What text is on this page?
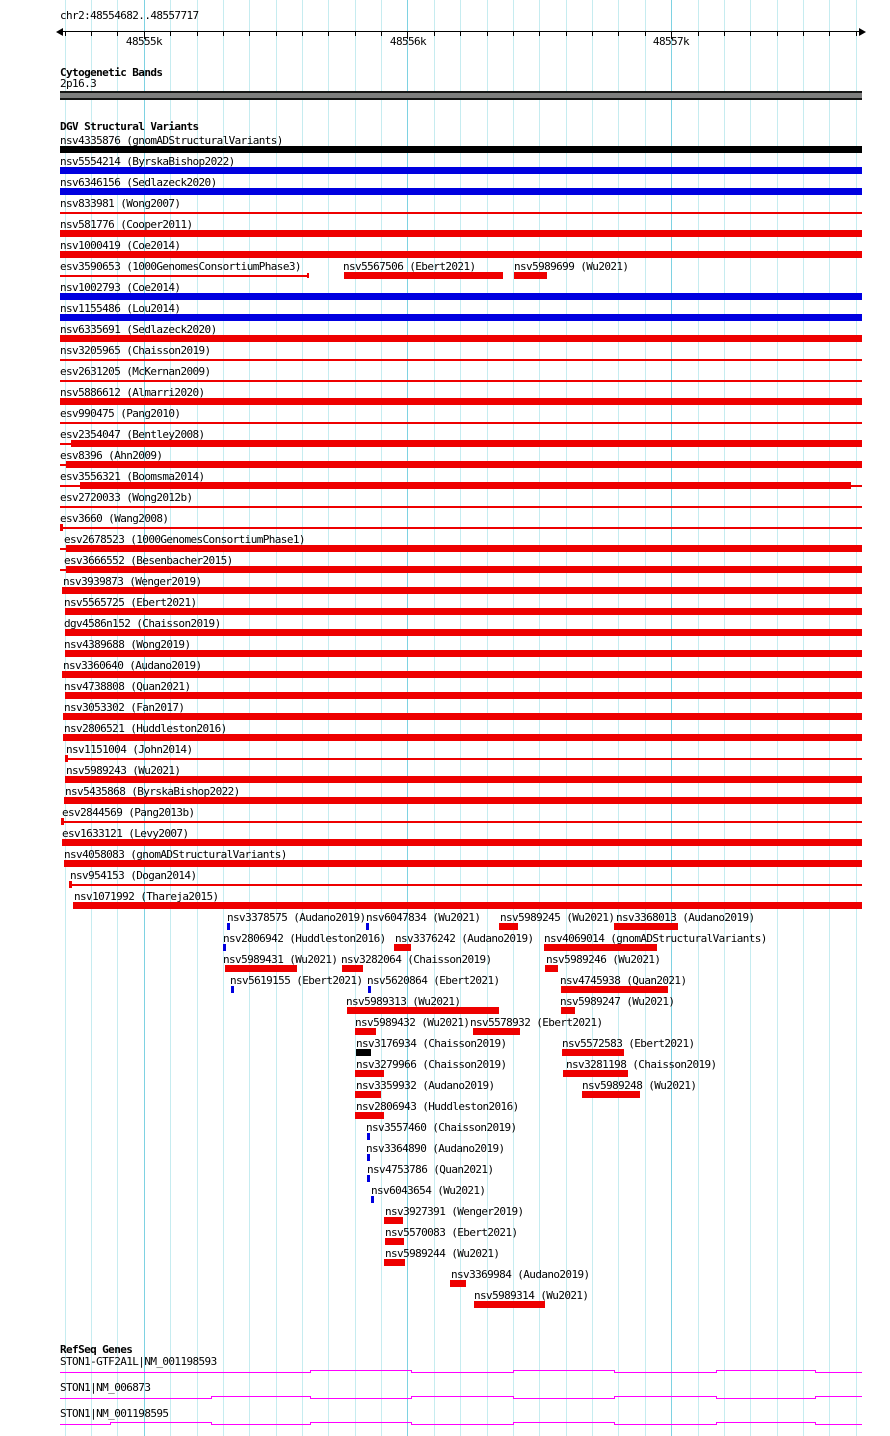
chr2:48554682..48557717
48555k	48556k	48557k
Cytogenetic Bands
2p16.3
DGV Structural Variants
nsv4335876 (gnomADStructuralVariants)
nsv5554214 (ByrskaBishop2022)
nsv6346156 (Sedlazeck2020)
nsv833981 (Wong2007)
nsv581776 (Cooper2011)
nsv1000419 (Coe2014)
esv3590653 (1000GenomesConsortiumPhase3)	nsv5567506 (Ebert2021)	nsv5989699 (Wu2021)
nsv1002793 (Coe2014)
nsv1155486 (Lou2014)
nsv6335691 (Sedlazeck2020)
nsv3205965 (Chaisson2019)
esv2631205 (McKernan2009)
nsv5886612 (Almarri2020)
esv990475 (Pang2010)
esv2354047 (Bentley2008)
esv8396 (Ahn2009)
esv3556321 (Boomsma2014)
esv2720033 (Wong2012b)
esv3660 (Wang2008)
esv2678523 (1000GenomesConsortiumPhase1)
esv3666552 (Besenbacher2015)
nsv3939873 (Wenger2019)
nsv5565725 (Ebert2021)
dgv4586n152 (Chaisson2019)
nsv4389688 (Wong2019)
nsv3360640 (Audano2019)
nsv4738808 (Quan2021)
nsv3053302 (Fan2017)
nsv2806521 (Huddleston2016)
nsv1151004 (John2014)
nsv5989243 (Wu2021)
nsv5435868 (ByrskaBishop2022)
esv2844569 (Pang2013b)
esv1633121 (Levy2007)
nsv4058083 (gnomADStructuralVariants)
nsv954153 (Dogan2014)
nsv1071992 (Thareja2015)
nsv3378575 (Audano2019) nsv6047834 (Wu2021) nsv5989245 (Wu2021) nsv3368013 (Audano2019)
nsv2806942 (Huddleston2016) nsv3376242 (Audano2019) nsv4069014 (gnomADStructuralVariants)
nsv5989431 (Wu2021) nsv3282064 (Chaisson2019)	nsv5989246 (Wu2021)
nsv5619155 (Ebert2021) nsv5620864 (Ebert2021)	nsv4745938 (Quan2021)
nsv5989313 (Wu2021)	nsv5989247 (Wu2021)
nsv5989432 (Wu2021) nsv5578932 (Ebert2021)
nsv3176934 (Chaisson2019)	nsv5572583 (Ebert2021)
nsv3279966 (Chaisson2019)	nsv3281198 (Chaisson2019)
nsv3359932 (Audano2019)	nsv5989248 (Wu2021)
nsv2806943 (Huddleston2016)
nsv3557460 (Chaisson2019)
nsv3364890 (Audano2019)
nsv4753786 (Quan2021)
nsv6043654 (Wu2021)
nsv3927391 (Wenger2019)
nsv5570083 (Ebert2021)
nsv5989244 (Wu2021)
nsv3369984 (Audano2019)
nsv5989314 (Wu2021)
RefSeq Genes
STON1-GTF2A1L|NM_001198593
STON1|NM_006873
STON1|NM_001198595
